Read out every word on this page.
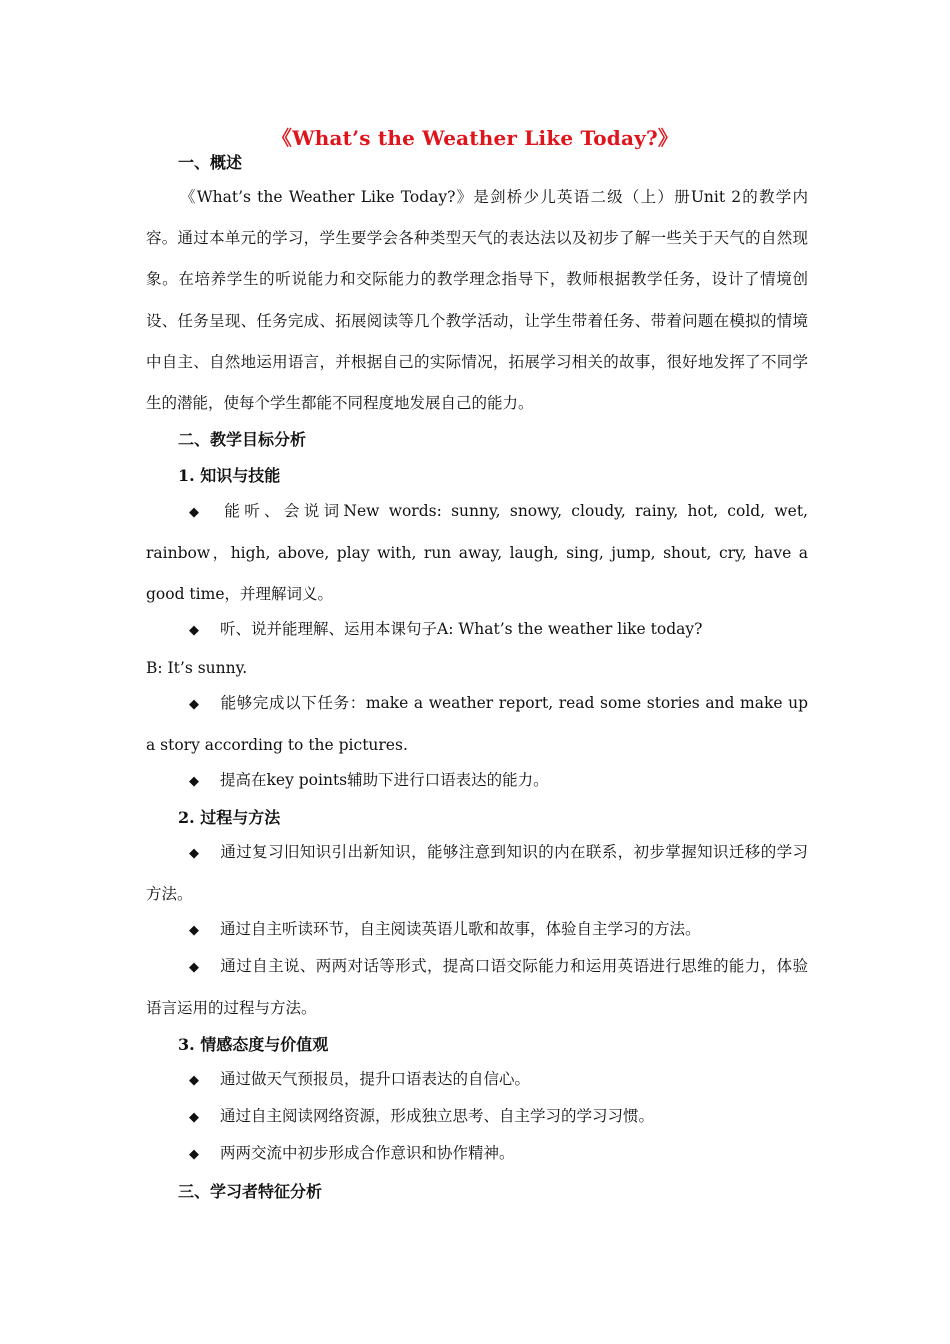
《What’s the Weather Like Today?》
一、概述
《What’s the Weather Like Today?》是剑桥少儿英语二级（上）册Unit 2的教学内容。通过本单元的学习，学生要学会各种类型天气的表达法以及初步了解一些关于天气的自然现象。在培养学生的听说能力和交际能力的教学理念指导下，教师根据教学任务，设计了情境创设、任务呈现、任务完成、拓展阅读等几个教学活动，让学生带着任务、带着问题在模拟的情境中自主、自然地运用语言，并根据自己的实际情况，拓展学习相关的故事，很好地发挥了不同学生的潜能，使每个学生都能不同程度地发展自己的能力。
二、教学目标分析
1. 知识与技能
◆ 能听、会说词New words: sunny, snowy, cloudy, rainy, hot, cold, wet, rainbow，high, above, play with, run away, laugh, sing, jump, shout, cry, have a good time，并理解词义。
◆ 听、说并能理解、运用本课句子A: What’s the weather like today?
B: It’s sunny.
◆ 能够完成以下任务：make a weather report, read some stories and make up a story according to the pictures.
◆ 提高在key points辅助下进行口语表达的能力。
2. 过程与方法
◆ 通过复习旧知识引出新知识，能够注意到知识的内在联系，初步掌握知识迁移的学习方法。
◆ 通过自主听读环节，自主阅读英语儿歌和故事，体验自主学习的方法。
◆ 通过自主说、两两对话等形式，提高口语交际能力和运用英语进行思维的能力，体验语言运用的过程与方法。
3. 情感态度与价值观
◆ 通过做天气预报员，提升口语表达的自信心。
◆ 通过自主阅读网络资源，形成独立思考、自主学习的学习习惯。
◆ 两两交流中初步形成合作意识和协作精神。
三、学习者特征分析
